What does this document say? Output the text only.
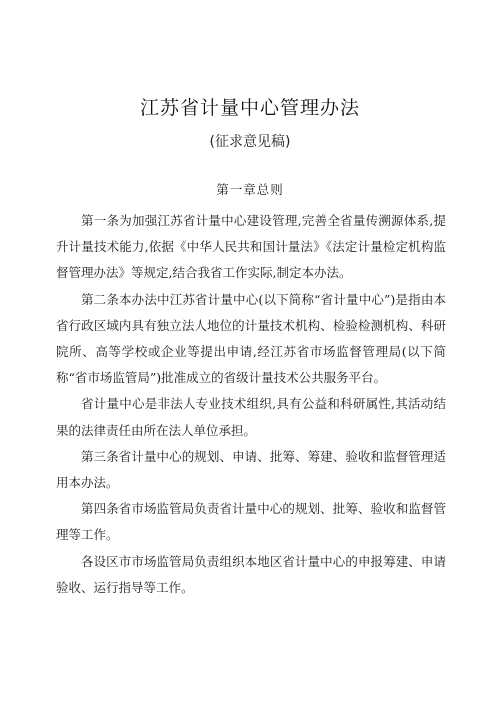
江苏省计量中心管理办法
(征求意见稿)
第一章总则

第一条为加强江苏省计量中心建设管理,完善全省量传溯源体系,提升计量技术能力,依据《中华人民共和国计量法》《法定计量检定机构监督管理办法》等规定,结合我省工作实际,制定本办法。

第二条本办法中江苏省计量中心(以下简称“省计量中心”)是指由本省行政区域内具有独立法人地位的计量技术机构、检验检测机构、科研院所、高等学校或企业等提出申请,经江苏省市场监督管理局(以下简称“省市场监管局”)批准成立的省级计量技术公共服务平台。

省计量中心是非法人专业技术组织,具有公益和科研属性,其活动结果的法律责任由所在法人单位承担。

第三条省计量中心的规划、申请、批筹、筹建、验收和监督管理适用本办法。

第四条省市场监管局负责省计量中心的规划、批筹、验收和监督管理等工作。

各设区市市场监管局负责组织本地区省计量中心的申报筹建、申请验收、运行指导等工作。
